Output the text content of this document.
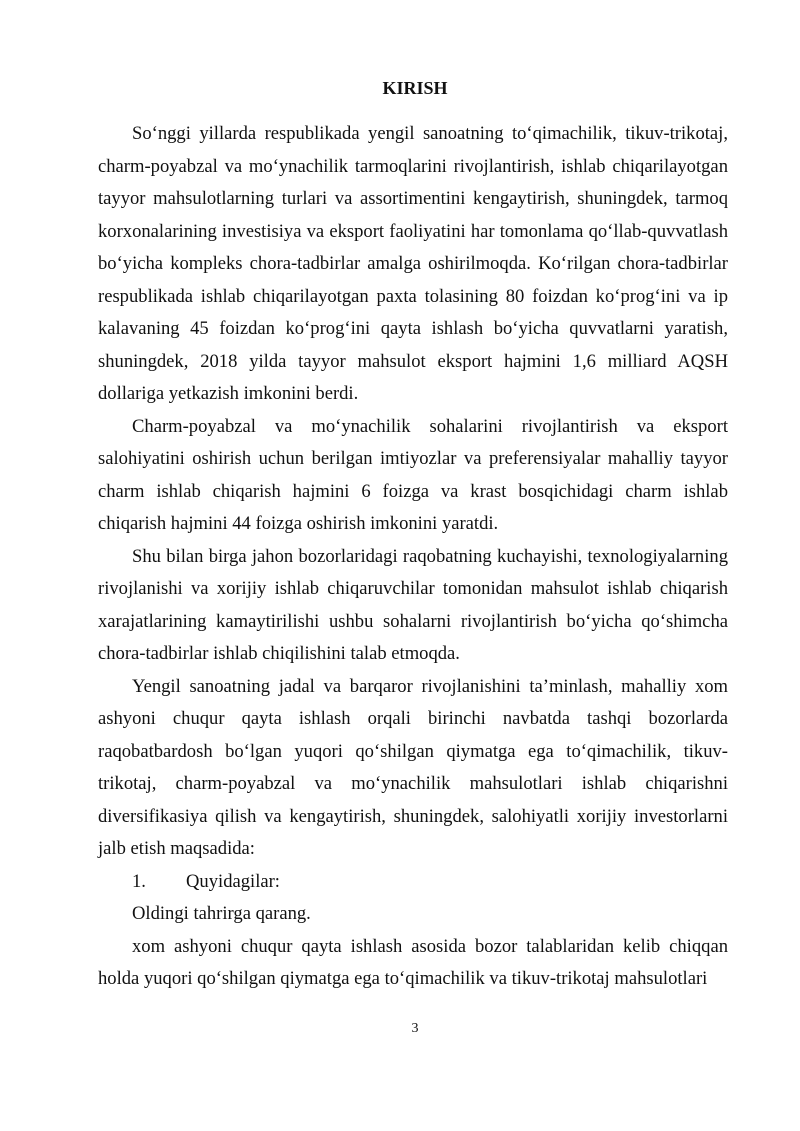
KIRISH

So‘nggi yillarda respublikada yengil sanoatning to‘qimachilik, tikuv-trikotaj, charm-poyabzal va mo‘ynachilik tarmoqlarini rivojlantirish, ishlab chiqarilayotgan tayyor mahsulotlarning turlari va assortimentini kengaytirish, shuningdek, tarmoq korxonalarining investisiya va eksport faoliyatini har tomonlama qo‘llab-quvvatlash bo‘yicha kompleks chora-tadbirlar amalga oshirilmoqda. Ko‘rilgan chora-tadbirlar respublikada ishlab chiqarilayotgan paxta tolasining 80 foizdan ko‘prog‘ini va ip kalavaning 45 foizdan ko‘prog‘ini qayta ishlash bo‘yicha quvvatlarni yaratish, shuningdek, 2018 yilda tayyor mahsulot eksport hajmini 1,6 milliard AQSH dollariga yetkazish imkonini berdi.

Charm-poyabzal va mo‘ynachilik sohalarini rivojlantirish va eksport salohiyatini oshirish uchun berilgan imtiyozlar va preferensiyalar mahalliy tayyor charm ishlab chiqarish hajmini 6 foizga va krast bosqichidagi charm ishlab chiqarish hajmini 44 foizga oshirish imkonini yaratdi.

Shu bilan birga jahon bozorlaridagi raqobatning kuchayishi, texnologiyalarning rivojlanishi va xorijiy ishlab chiqaruvchilar tomonidan mahsulot ishlab chiqarish xarajatlarining kamaytirilishi ushbu sohalarni rivojlantirish bo‘yicha qo‘shimcha chora-tadbirlar ishlab chiqilishini talab etmoqda.

Yengil sanoatning jadal va barqaror rivojlanishini ta’minlash, mahalliy xom ashyoni chuqur qayta ishlash orqali birinchi navbatda tashqi bozorlarda raqobatbardosh bo‘lgan yuqori qo‘shilgan qiymatga ega to‘qimachilik, tikuv-trikotaj, charm-poyabzal va mo‘ynachilik mahsulotlari ishlab chiqarishni diversifikasiya qilish va kengaytirish, shuningdek, salohiyatli xorijiy investorlarni jalb etish maqsadida:

1. Quyidagilar:

Oldingi tahrirga qarang.

xom ashyoni chuqur qayta ishlash asosida bozor talablaridan kelib chiqqan holda yuqori qo‘shilgan qiymatga ega to‘qimachilik va tikuv-trikotaj mahsulotlari

3
